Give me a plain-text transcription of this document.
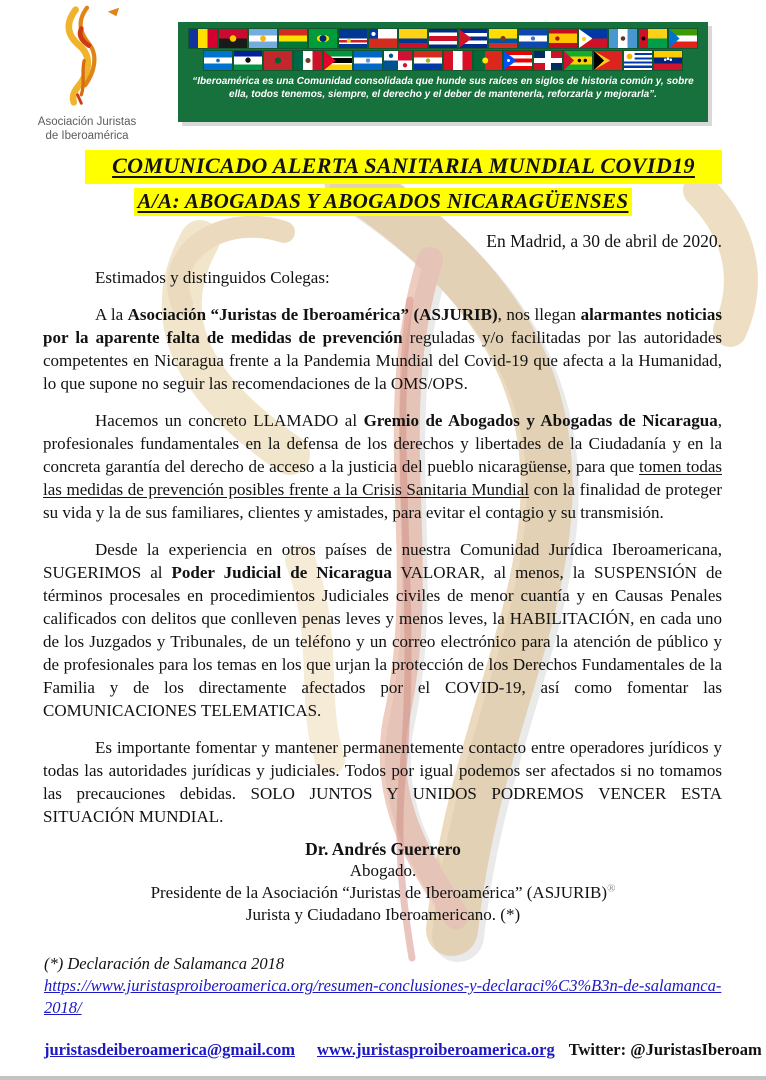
Asociación Juristas
de Iberoamérica
“Iberoamérica es una Comunidad consolidada que hunde sus raíces en siglos de historia común y, sobre ella, todos tenemos, siempre, el derecho y el deber de mantenerla, reforzarla y mejorarla”.
COMUNICADO ALERTA SANITARIA MUNDIAL COVID19
A/A: ABOGADAS Y ABOGADOS NICARAGÜENSES
En Madrid, a 30 de abril de 2020.

Estimados y distinguidos Colegas:

A la Asociación “Juristas de Iberoamérica” (ASJURIB), nos llegan alarmantes noticias por la aparente falta de medidas de prevención reguladas y/o facilitadas por las autoridades competentes en Nicaragua frente a la Pandemia Mundial del Covid-19 que afecta a la Humanidad, lo que supone no seguir las recomendaciones de la OMS/OPS.

Hacemos un concreto LLAMADO al Gremio de Abogados y Abogadas de Nicaragua, profesionales fundamentales en la defensa de los derechos y libertades de la Ciudadanía y en la concreta garantía del derecho de acceso a la justicia del pueblo nicaragüense, para que tomen todas las medidas de prevención posibles frente a la Crisis Sanitaria Mundial con la finalidad de proteger su vida y la de sus familiares, clientes y amistades, para evitar el contagio y su transmisión.

Desde la experiencia en otros países de nuestra Comunidad Jurídica Iberoamericana, SUGERIMOS al Poder Judicial de Nicaragua VALORAR, al menos, la SUSPENSIÓN de términos procesales en procedimientos Judiciales civiles de menor cuantía y en Causas Penales calificados con delitos que conlleven penas leves y menos leves, la HABILITACIÓN, en cada uno de los Juzgados y Tribunales, de un teléfono y un correo electrónico para la atención de público y de profesionales para los temas en los que urjan la protección de los Derechos Fundamentales de la Familia y de los directamente afectados por el COVID-19, así como fomentar las COMUNICACIONES TELEMATICAS.

Es importante fomentar y mantener permanentemente contacto entre operadores jurídicos y todas las autoridades jurídicas y judiciales. Todos por igual podemos ser afectados si no tomamos las precauciones debidas. SOLO JUNTOS Y UNIDOS PODREMOS VENCER ESTA SITUACIÓN MUNDIAL.

Dr. Andrés Guerrero
Abogado.
Presidente de la Asociación “Juristas de Iberoamérica” (ASJURIB)®
Jurista y Ciudadano Iberoamericano. (*)
(*) Declaración de Salamanca 2018
https://www.juristasproiberoamerica.org/resumen-conclusiones-y-declaraci%C3%B3n-de-salamanca-2018/
juristasdeiberoamerica@gmail.com www.juristasproiberoamerica.org Twitter: @JuristasIberoam
